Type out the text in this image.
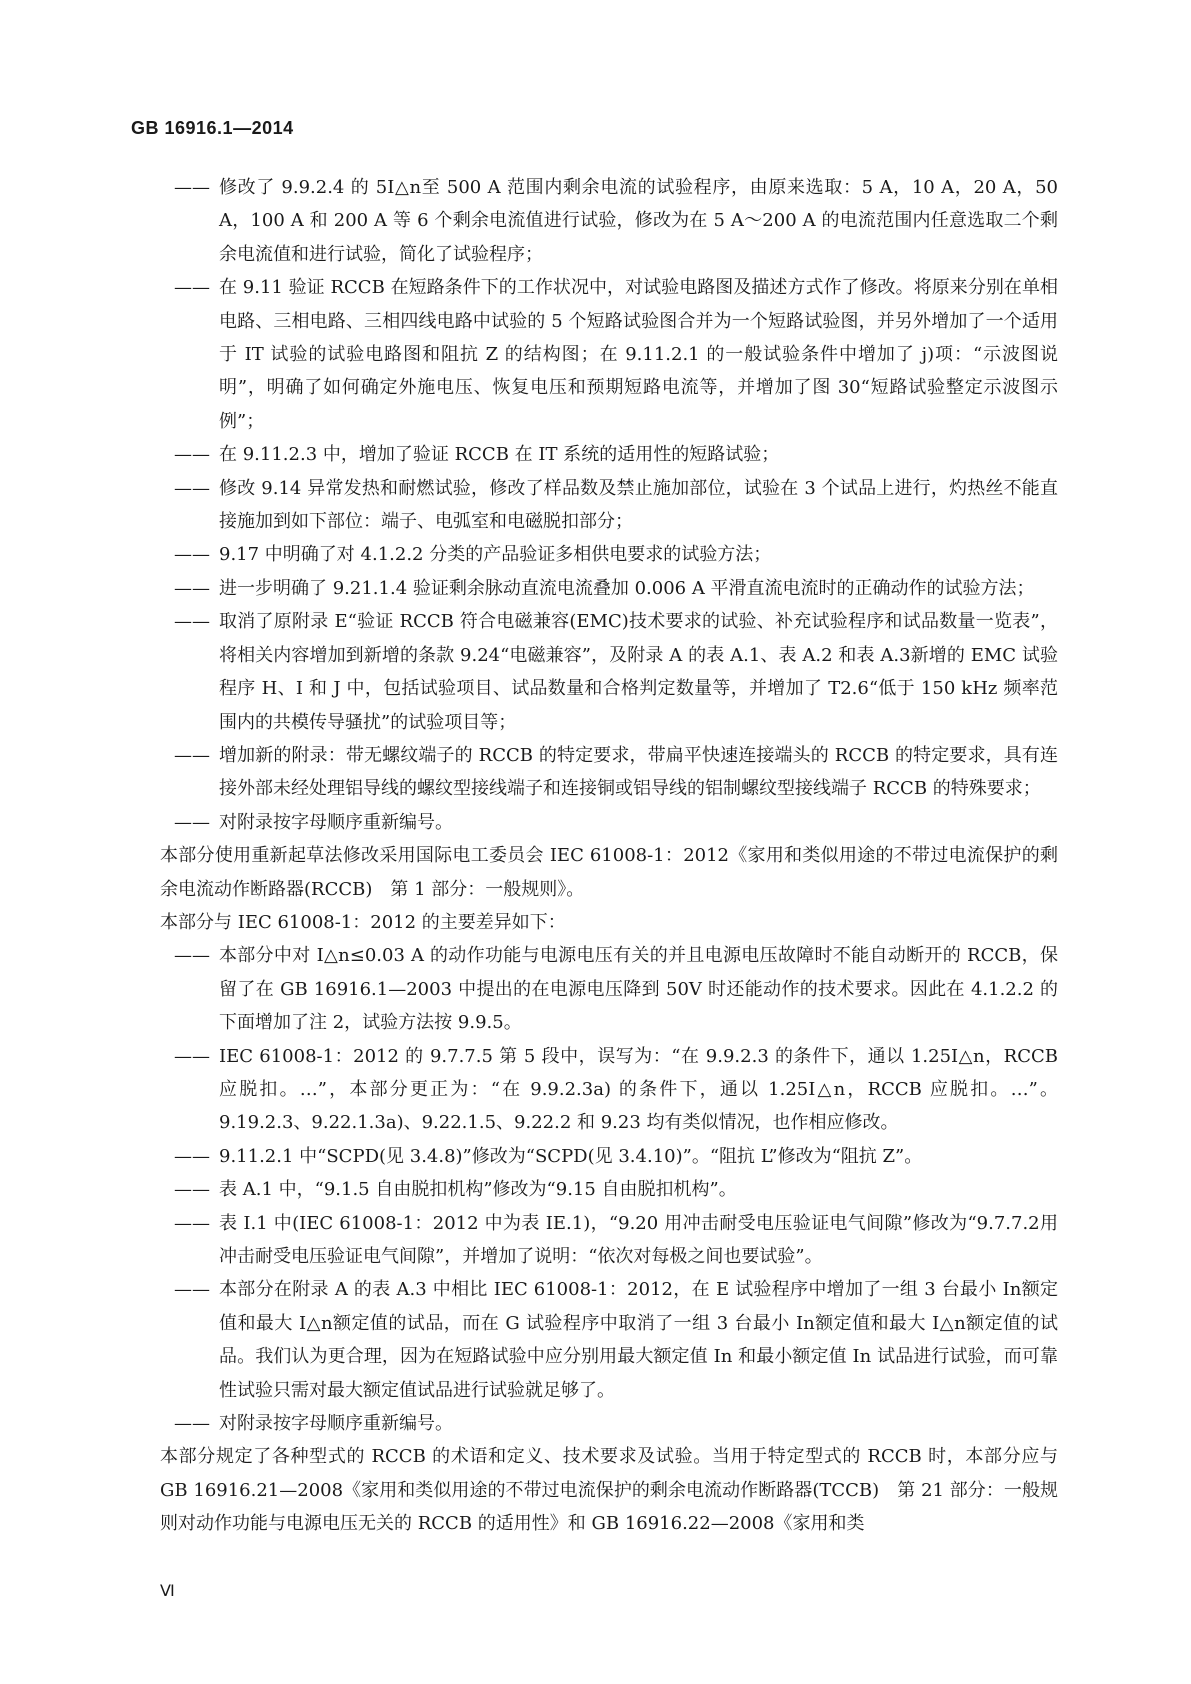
GB 16916.1—2014

—— 修改了 9.9.2.4 的 5I△n至 500 A 范围内剩余电流的试验程序，由原来选取：5 A，10 A，20 A，50 A，100 A 和 200 A 等 6 个剩余电流值进行试验，修改为在 5 A～200 A 的电流范围内任意选取二个剩余电流值和进行试验，简化了试验程序；

—— 在 9.11 验证 RCCB 在短路条件下的工作状况中，对试验电路图及描述方式作了修改。将原来分别在单相电路、三相电路、三相四线电路中试验的 5 个短路试验图合并为一个短路试验图，并另外增加了一个适用于 IT 试验的试验电路图和阻抗 Z 的结构图；在 9.11.2.1 的一般试验条件中增加了 j)项：“示波图说明”，明确了如何确定外施电压、恢复电压和预期短路电流等，并增加了图 30“短路试验整定示波图示例”；

—— 在 9.11.2.3 中，增加了验证 RCCB 在 IT 系统的适用性的短路试验；

—— 修改 9.14 异常发热和耐燃试验，修改了样品数及禁止施加部位，试验在 3 个试品上进行，灼热丝不能直接施加到如下部位：端子、电弧室和电磁脱扣部分；

—— 9.17 中明确了对 4.1.2.2 分类的产品验证多相供电要求的试验方法；

—— 进一步明确了 9.21.1.4 验证剩余脉动直流电流叠加 0.006 A 平滑直流电流时的正确动作的试验方法；

—— 取消了原附录 E“验证 RCCB 符合电磁兼容(EMC)技术要求的试验、补充试验程序和试品数量一览表”，将相关内容增加到新增的条款 9.24“电磁兼容”，及附录 A 的表 A.1、表 A.2 和表 A.3新增的 EMC 试验程序 H、I 和 J 中，包括试验项目、试品数量和合格判定数量等，并增加了 T2.6“低于 150 kHz 频率范围内的共模传导骚扰”的试验项目等；

—— 增加新的附录：带无螺纹端子的 RCCB 的特定要求，带扁平快速连接端头的 RCCB 的特定要求，具有连接外部未经处理铝导线的螺纹型接线端子和连接铜或铝导线的铝制螺纹型接线端子 RCCB 的特殊要求；

—— 对附录按字母顺序重新编号。

本部分使用重新起草法修改采用国际电工委员会 IEC 61008-1：2012《家用和类似用途的不带过电流保护的剩余电流动作断路器(RCCB)　第 1 部分：一般规则》。

本部分与 IEC 61008-1：2012 的主要差异如下：

—— 本部分中对 I△n≤0.03 A 的动作功能与电源电压有关的并且电源电压故障时不能自动断开的 RCCB，保留了在 GB 16916.1—2003 中提出的在电源电压降到 50V 时还能动作的技术要求。因此在 4.1.2.2 的下面增加了注 2，试验方法按 9.9.5。

—— IEC 61008-1：2012 的 9.7.7.5 第 5 段中，误写为：“在 9.9.2.3 的条件下，通以 1.25I△n，RCCB 应脱扣。…”，本部分更正为：“在 9.9.2.3a) 的条件下，通以 1.25I△n，RCCB 应脱扣。…”。9.19.2.3、9.22.1.3a)、9.22.1.5、9.22.2 和 9.23 均有类似情况，也作相应修改。

—— 9.11.2.1 中“SCPD(见 3.4.8)”修改为“SCPD(见 3.4.10)”。“阻抗 L”修改为“阻抗 Z”。

—— 表 A.1 中，“9.1.5 自由脱扣机构”修改为“9.15 自由脱扣机构”。

—— 表 I.1 中(IEC 61008-1：2012 中为表 IE.1)，“9.20 用冲击耐受电压验证电气间隙”修改为“9.7.7.2用冲击耐受电压验证电气间隙”，并增加了说明：“依次对每极之间也要试验”。

—— 本部分在附录 A 的表 A.3 中相比 IEC 61008-1：2012，在 E 试验程序中增加了一组 3 台最小 In额定值和最大 I△n额定值的试品，而在 G 试验程序中取消了一组 3 台最小 In额定值和最大 I△n额定值的试品。我们认为更合理，因为在短路试验中应分别用最大额定值 In 和最小额定值 In 试品进行试验，而可靠性试验只需对最大额定值试品进行试验就足够了。

—— 对附录按字母顺序重新编号。

本部分规定了各种型式的 RCCB 的术语和定义、技术要求及试验。当用于特定型式的 RCCB 时，本部分应与 GB 16916.21—2008《家用和类似用途的不带过电流保护的剩余电流动作断路器(TCCB)　第 21 部分：一般规则对动作功能与电源电压无关的 RCCB 的适用性》和 GB 16916.22—2008《家用和类

Ⅵ
